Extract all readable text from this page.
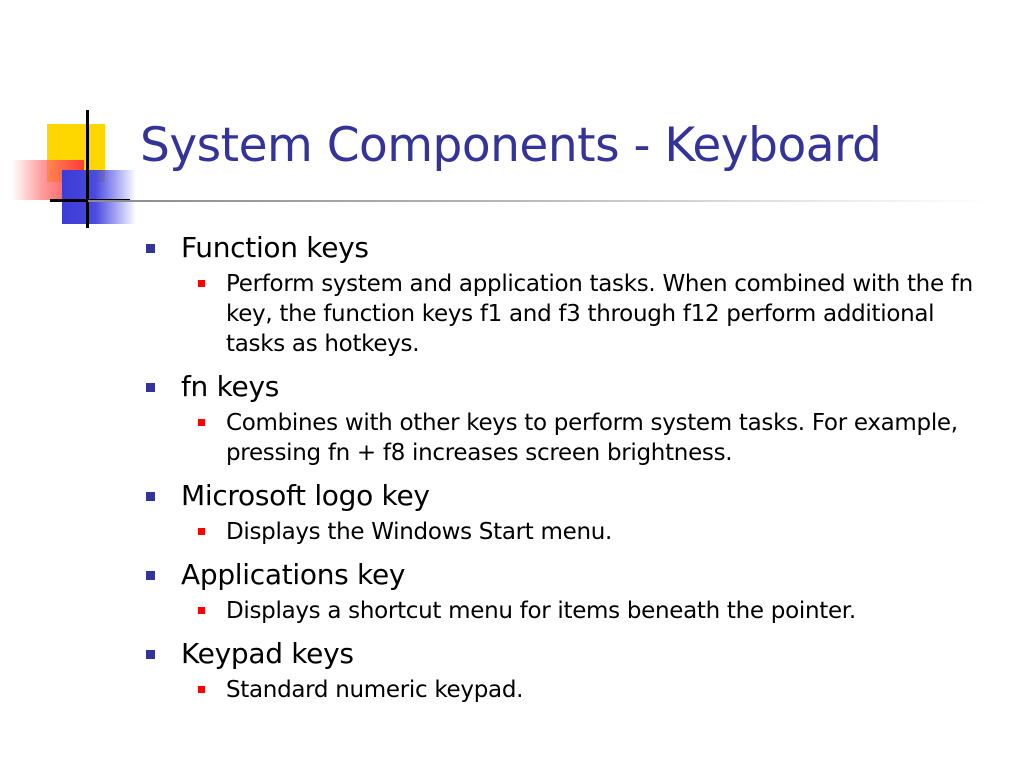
System Components - Keyboard
Function keys
Perform system and application tasks. When combined with the fn key, the function keys f1 and f3 through f12 perform additional tasks as hotkeys.
fn keys
Combines with other keys to perform system tasks. For example, pressing fn + f8 increases screen brightness.
Microsoft logo key
Displays the Windows Start menu.
Applications key
Displays a shortcut menu for items beneath the pointer.
Keypad keys
Standard numeric keypad.
